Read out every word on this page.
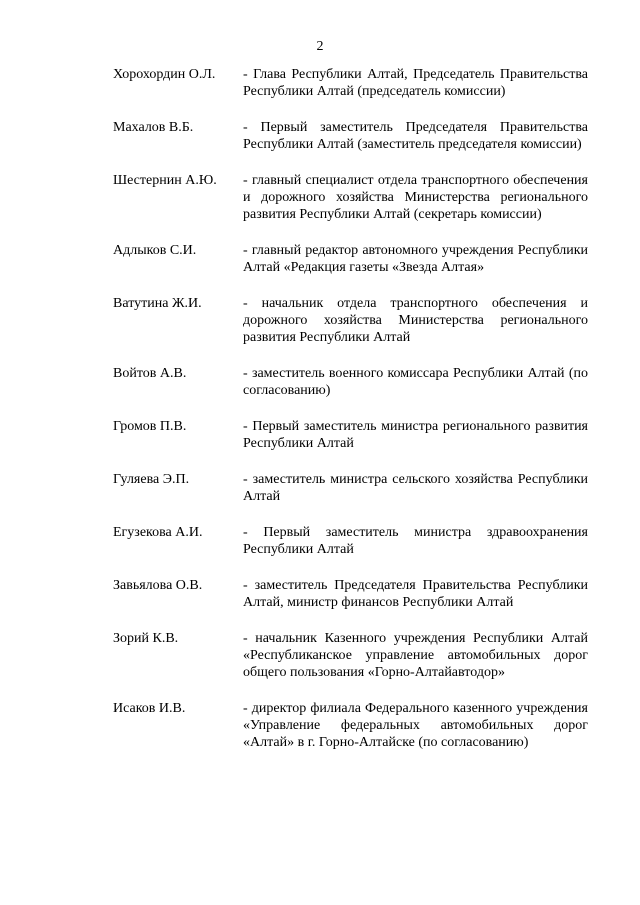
2
Хорохордин О.Л.	- Глава Республики Алтай, Председатель Правительства Республики Алтай (председатель комиссии)
Махалов В.Б.	- Первый заместитель Председателя Правительства Республики Алтай (заместитель председателя комиссии)
Шестернин А.Ю.	- главный специалист отдела транспортного обеспечения и дорожного хозяйства Министерства регионального развития Республики Алтай (секретарь комиссии)
Адлыков С.И.	- главный редактор автономного учреждения Республики Алтай «Редакция газеты «Звезда Алтая»
Ватутина Ж.И.	- начальник отдела транспортного обеспечения и дорожного хозяйства Министерства регионального развития Республики Алтай
Войтов А.В.	- заместитель военного комиссара Республики Алтай (по согласованию)
Громов П.В.	- Первый заместитель министра регионального развития Республики Алтай
Гуляева Э.П.	- заместитель министра сельского хозяйства Республики Алтай
Егузекова А.И.	- Первый заместитель министра здравоохранения Республики Алтай
Завьялова О.В.	- заместитель Председателя Правительства Республики Алтай, министр финансов Республики Алтай
Зорий К.В.	- начальник Казенного учреждения Республики Алтай «Республиканское управление автомобильных дорог общего пользования «Горно-Алтайавтодор»
Исаков И.В.	- директор филиала Федерального казенного учреждения «Управление федеральных автомобильных дорог «Алтай» в г. Горно-Алтайске (по согласованию)
